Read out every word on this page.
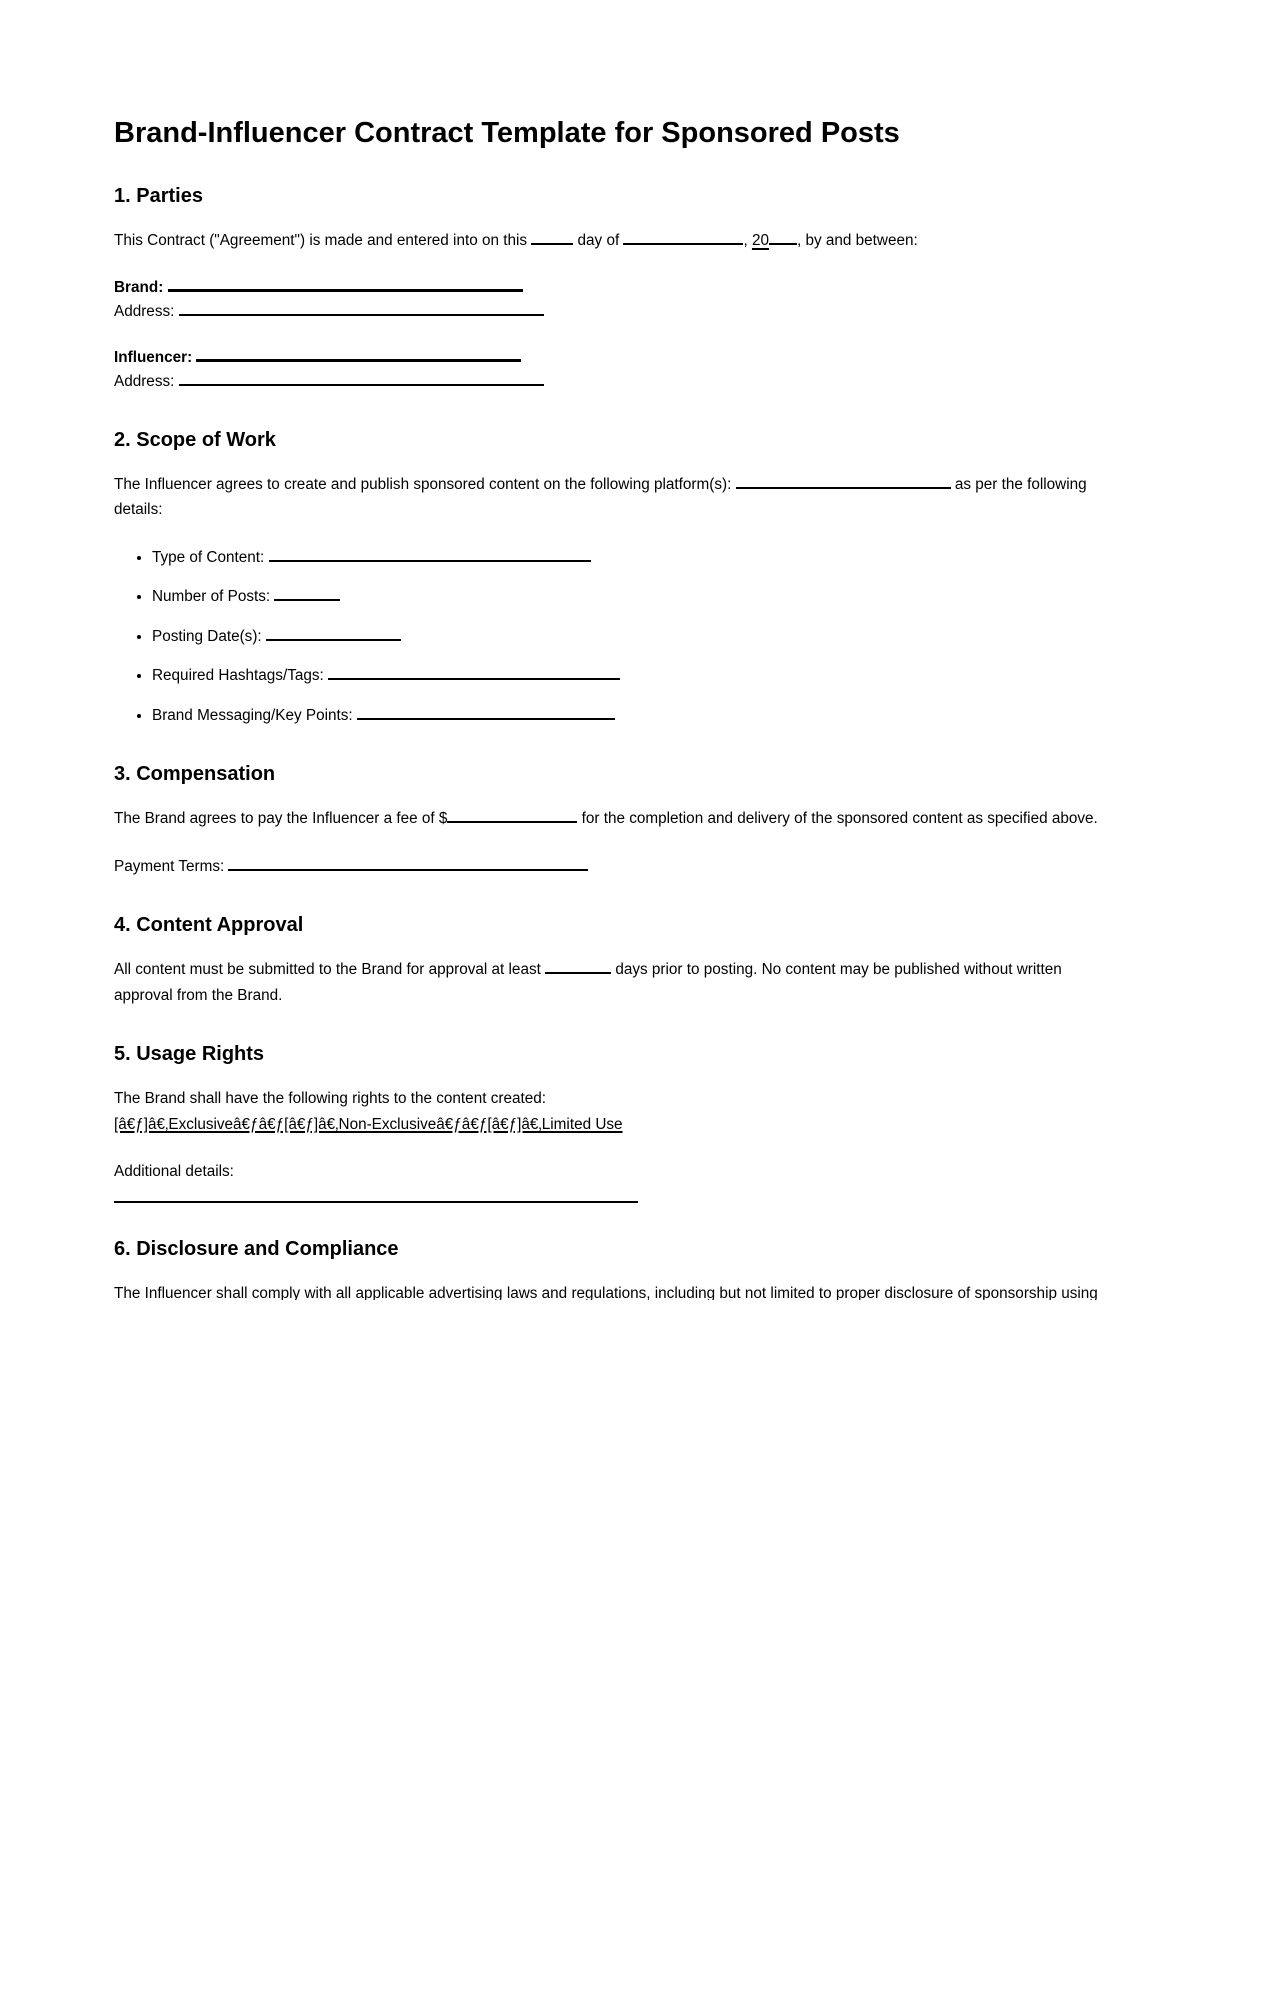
Brand-Influencer Contract Template for Sponsored Posts
1. Parties

This Contract ("Agreement") is made and entered into on this	day of	, 20 , by and between:

Brand:
Address:

Influencer:
Address:

2. Scope of Work

The Influencer agrees to create and publish sponsored content on the following platform(s):	as per the following
details:

• Type of Content:
• Number of Posts:
• Posting Date(s):
• Required Hashtags/Tags:
• Brand Messaging/Key Points:
3. Compensation

The Brand agrees to pay the Influencer a fee of $	for the completion and delivery of the sponsored content as specified above.

Payment Terms:

4. Content Approval

All content must be submitted to the Brand for approval at least	days prior to posting. No content may be published without written
approval from the Brand.

5. Usage Rights

The Brand shall have the following rights to the content created:
[â€ƒ]â€‚Exclusiveâ€ƒâ€ƒ[â€ƒ]â€‚Non-Exclusiveâ€ƒâ€ƒ[â€ƒ]â€‚Limited Use

Additional details:

6. Disclosure and Compliance

The Influencer shall comply with all applicable advertising laws and regulations, including but not limited to proper disclosure of sponsorship using
